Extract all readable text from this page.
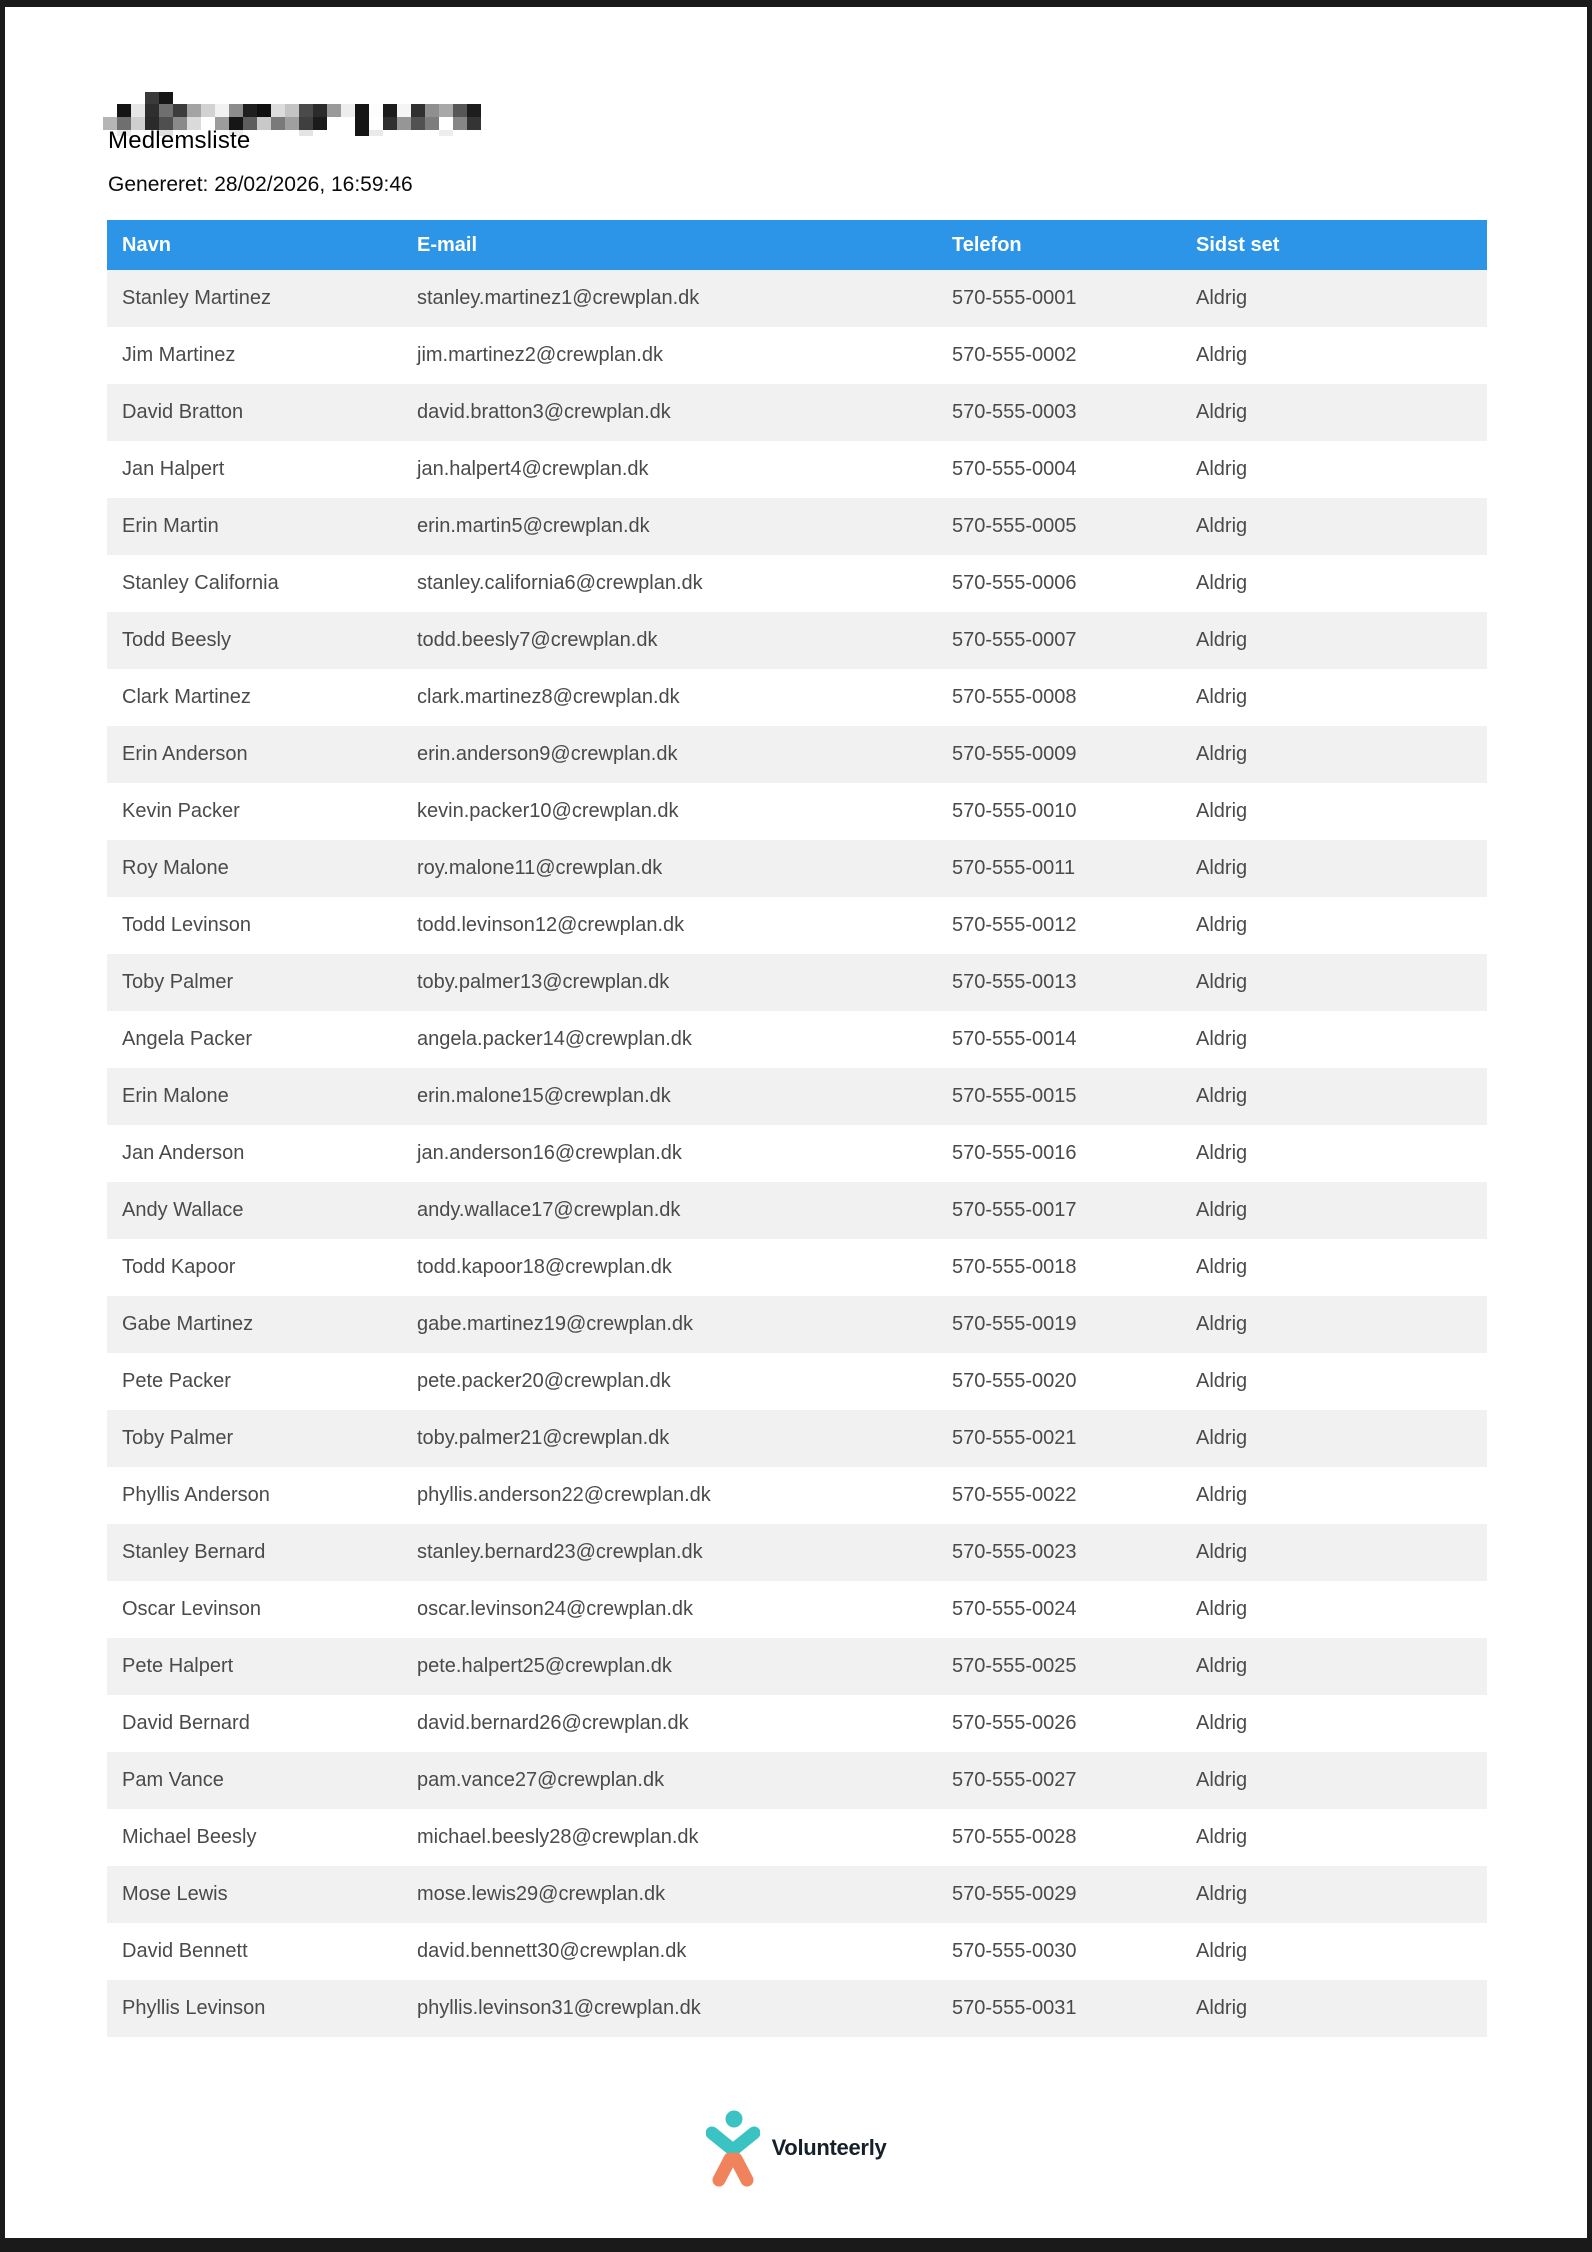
Medlemsliste
Genereret: 28/02/2026, 16:59:46
Navn	E-mail	Telefon	Sidst set
Stanley Martinez	stanley.martinez1@crewplan.dk	570-555-0001	Aldrig
Jim Martinez	jim.martinez2@crewplan.dk	570-555-0002	Aldrig
David Bratton	david.bratton3@crewplan.dk	570-555-0003	Aldrig
Jan Halpert	jan.halpert4@crewplan.dk	570-555-0004	Aldrig
Erin Martin	erin.martin5@crewplan.dk	570-555-0005	Aldrig
Stanley California	stanley.california6@crewplan.dk	570-555-0006	Aldrig
Todd Beesly	todd.beesly7@crewplan.dk	570-555-0007	Aldrig
Clark Martinez	clark.martinez8@crewplan.dk	570-555-0008	Aldrig
Erin Anderson	erin.anderson9@crewplan.dk	570-555-0009	Aldrig
Kevin Packer	kevin.packer10@crewplan.dk	570-555-0010	Aldrig
Roy Malone	roy.malone11@crewplan.dk	570-555-0011	Aldrig
Todd Levinson	todd.levinson12@crewplan.dk	570-555-0012	Aldrig
Toby Palmer	toby.palmer13@crewplan.dk	570-555-0013	Aldrig
Angela Packer	angela.packer14@crewplan.dk	570-555-0014	Aldrig
Erin Malone	erin.malone15@crewplan.dk	570-555-0015	Aldrig
Jan Anderson	jan.anderson16@crewplan.dk	570-555-0016	Aldrig
Andy Wallace	andy.wallace17@crewplan.dk	570-555-0017	Aldrig
Todd Kapoor	todd.kapoor18@crewplan.dk	570-555-0018	Aldrig
Gabe Martinez	gabe.martinez19@crewplan.dk	570-555-0019	Aldrig
Pete Packer	pete.packer20@crewplan.dk	570-555-0020	Aldrig
Toby Palmer	toby.palmer21@crewplan.dk	570-555-0021	Aldrig
Phyllis Anderson	phyllis.anderson22@crewplan.dk	570-555-0022	Aldrig
Stanley Bernard	stanley.bernard23@crewplan.dk	570-555-0023	Aldrig
Oscar Levinson	oscar.levinson24@crewplan.dk	570-555-0024	Aldrig
Pete Halpert	pete.halpert25@crewplan.dk	570-555-0025	Aldrig
David Bernard	david.bernard26@crewplan.dk	570-555-0026	Aldrig
Pam Vance	pam.vance27@crewplan.dk	570-555-0027	Aldrig
Michael Beesly	michael.beesly28@crewplan.dk	570-555-0028	Aldrig
Mose Lewis	mose.lewis29@crewplan.dk	570-555-0029	Aldrig
David Bennett	david.bennett30@crewplan.dk	570-555-0030	Aldrig
Phyllis Levinson	phyllis.levinson31@crewplan.dk	570-555-0031	Aldrig
Volunteerly
